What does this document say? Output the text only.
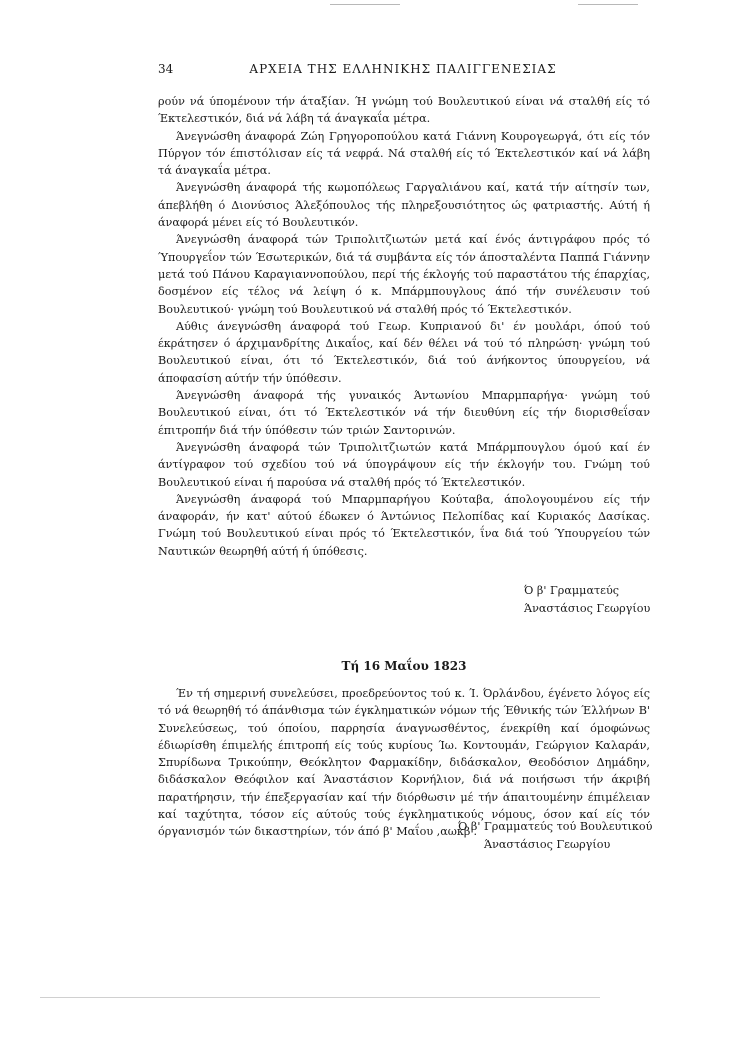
34	ΑΡΧΕΙΑ ΤΗΣ ΕΛΛΗΝΙΚΗΣ ΠΑΛΙΓΓΕΝΕΣΙΑΣ

ρούν νά ύπομένουν τήν άταξίαν. Ή γνώμη τού Βουλευτικού είναι νά σταλθή είς τό Έκτελεστικόν, διά νά λάβη τά άναγκαΐα μέτρα.

Άνεγνώσθη άναφορά Ζώη Γρηγοροπούλου κατά Γιάννη Κουρογεωργά, ότι είς τόν Πύργον τόν έπιστόλισαν είς τά νεφρά. Νά σταλθή είς τό Έκτελεστικόν καί νά λάβη τά άναγκαΐα μέτρα.

Άνεγνώσθη άναφορά τής κωμοπόλεως Γαργαλιάνου καί, κατά τήν αίτησίν των, άπεβλήθη ό Διονύσιος Άλεξόπουλος τής πληρεξουσιότητος ώς φατριαστής. Αύτή ή άναφορά μένει είς τό Βουλευτικόν.

Άνεγνώσθη άναφορά τών Τριπολιτζιωτών μετά καί ένός άντιγράφου πρός τό Ύπουργεΐον τών Έσωτερικών, διά τά συμβάντα είς τόν άποσταλέντα Παππά Γιάννην μετά τού Πάνου Καραγιαννοπούλου, περί τής έκλογής τού παραστάτου τής έπαρχίας, δοσμένον είς τέλος νά λείψη ό κ. Μπάρμπουγλους άπό τήν συνέλευσιν τού Βουλευτικού· γνώμη τού Βουλευτικού νά σταλθή πρός τό Έκτελεστικόν.

Αύθις άνεγνώσθη άναφορά τού Γεωρ. Κυπριανού δι' έν μουλάρι, όπού τού έκράτησεν ό άρχιμανδρίτης Δικαΐος, καί δέν θέλει νά τού τό πληρώση· γνώμη τού Βουλευτικού είναι, ότι τό Έκτελεστικόν, διά τού άνήκοντος ύπουργείου, νά άποφασίση αύτήν τήν ύπόθεσιν.

Άνεγνώσθη άναφορά τής γυναικός Άντωνίου Μπαρμπαρήγα· γνώμη τού Βουλευτικού είναι, ότι τό Έκτελεστικόν νά τήν διευθύνη είς τήν διορισθεΐσαν έπιτροπήν διά τήν ύπόθεσιν τών τριών Σαντορινών.

Άνεγνώσθη άναφορά τών Τριπολιτζιωτών κατά Μπάρμπουγλου όμού καί έν άντίγραφον τού σχεδίου τού νά ύπογράψουν είς τήν έκλογήν του. Γνώμη τού Βουλευτικού είναι ή παρούσα νά σταλθή πρός τό Έκτελεστικόν.

Άνεγνώσθη άναφορά τού Μπαρμπαρήγου Κούταβα, άπολογουμένου είς τήν άναφοράν, ήν κατ' αύτού έδωκεν ό Άντώνιος Πελοπίδας καί Κυριακός Δασίκας. Γνώμη τού Βουλευτικού είναι πρός τό Έκτελεστικόν, ΐνα διά τού Ύπουργείου τών Ναυτικών θεωρηθή αύτή ή ύπόθεσις.

Ό β' Γραμματεύς
Άναστάσιος Γεωργίου
Τή 16 Μαΐου 1823

Έν τή σημερινή συνελεύσει, προεδρεύοντος τού κ. Ί. Όρλάνδου, έγένετο λόγος είς τό νά θεωρηθή τό άπάνθισμα τών έγκληματικών νόμων τής Έθνικής τών Έλλήνων Β' Συνελεύσεως, τού όποίου, παρρησία άναγνωσθέντος, ένεκρίθη καί όμοφώνως έδιωρίσθη έπιμελής έπιτροπή είς τούς κυρίους Ίω. Κοντουμάν, Γεώργιον Καλαράν, Σπυρίδωνα Τρικούπην, Θεόκλητον Φαρμακίδην, διδάσκαλον, Θεοδόσιον Δημάδην, διδάσκαλον Θεόφιλον καί Άναστάσιον Κορνήλιον, διά νά ποιήσωσι τήν άκριβή παρατήρησιν, τήν έπεξεργασίαν καί τήν διόρθωσιν μέ τήν άπαιτουμένην έπιμέλειαν καί ταχύτητα, τόσον είς αύτούς τούς έγκληματικούς νόμους, όσον καί είς τόν όργανισμόν τών δικαστηρίων, τόν άπό β' Μαΐου ,αωκβ'.

Ό β' Γραμματεύς τού Βουλευτικού
Άναστάσιος Γεωργίου
